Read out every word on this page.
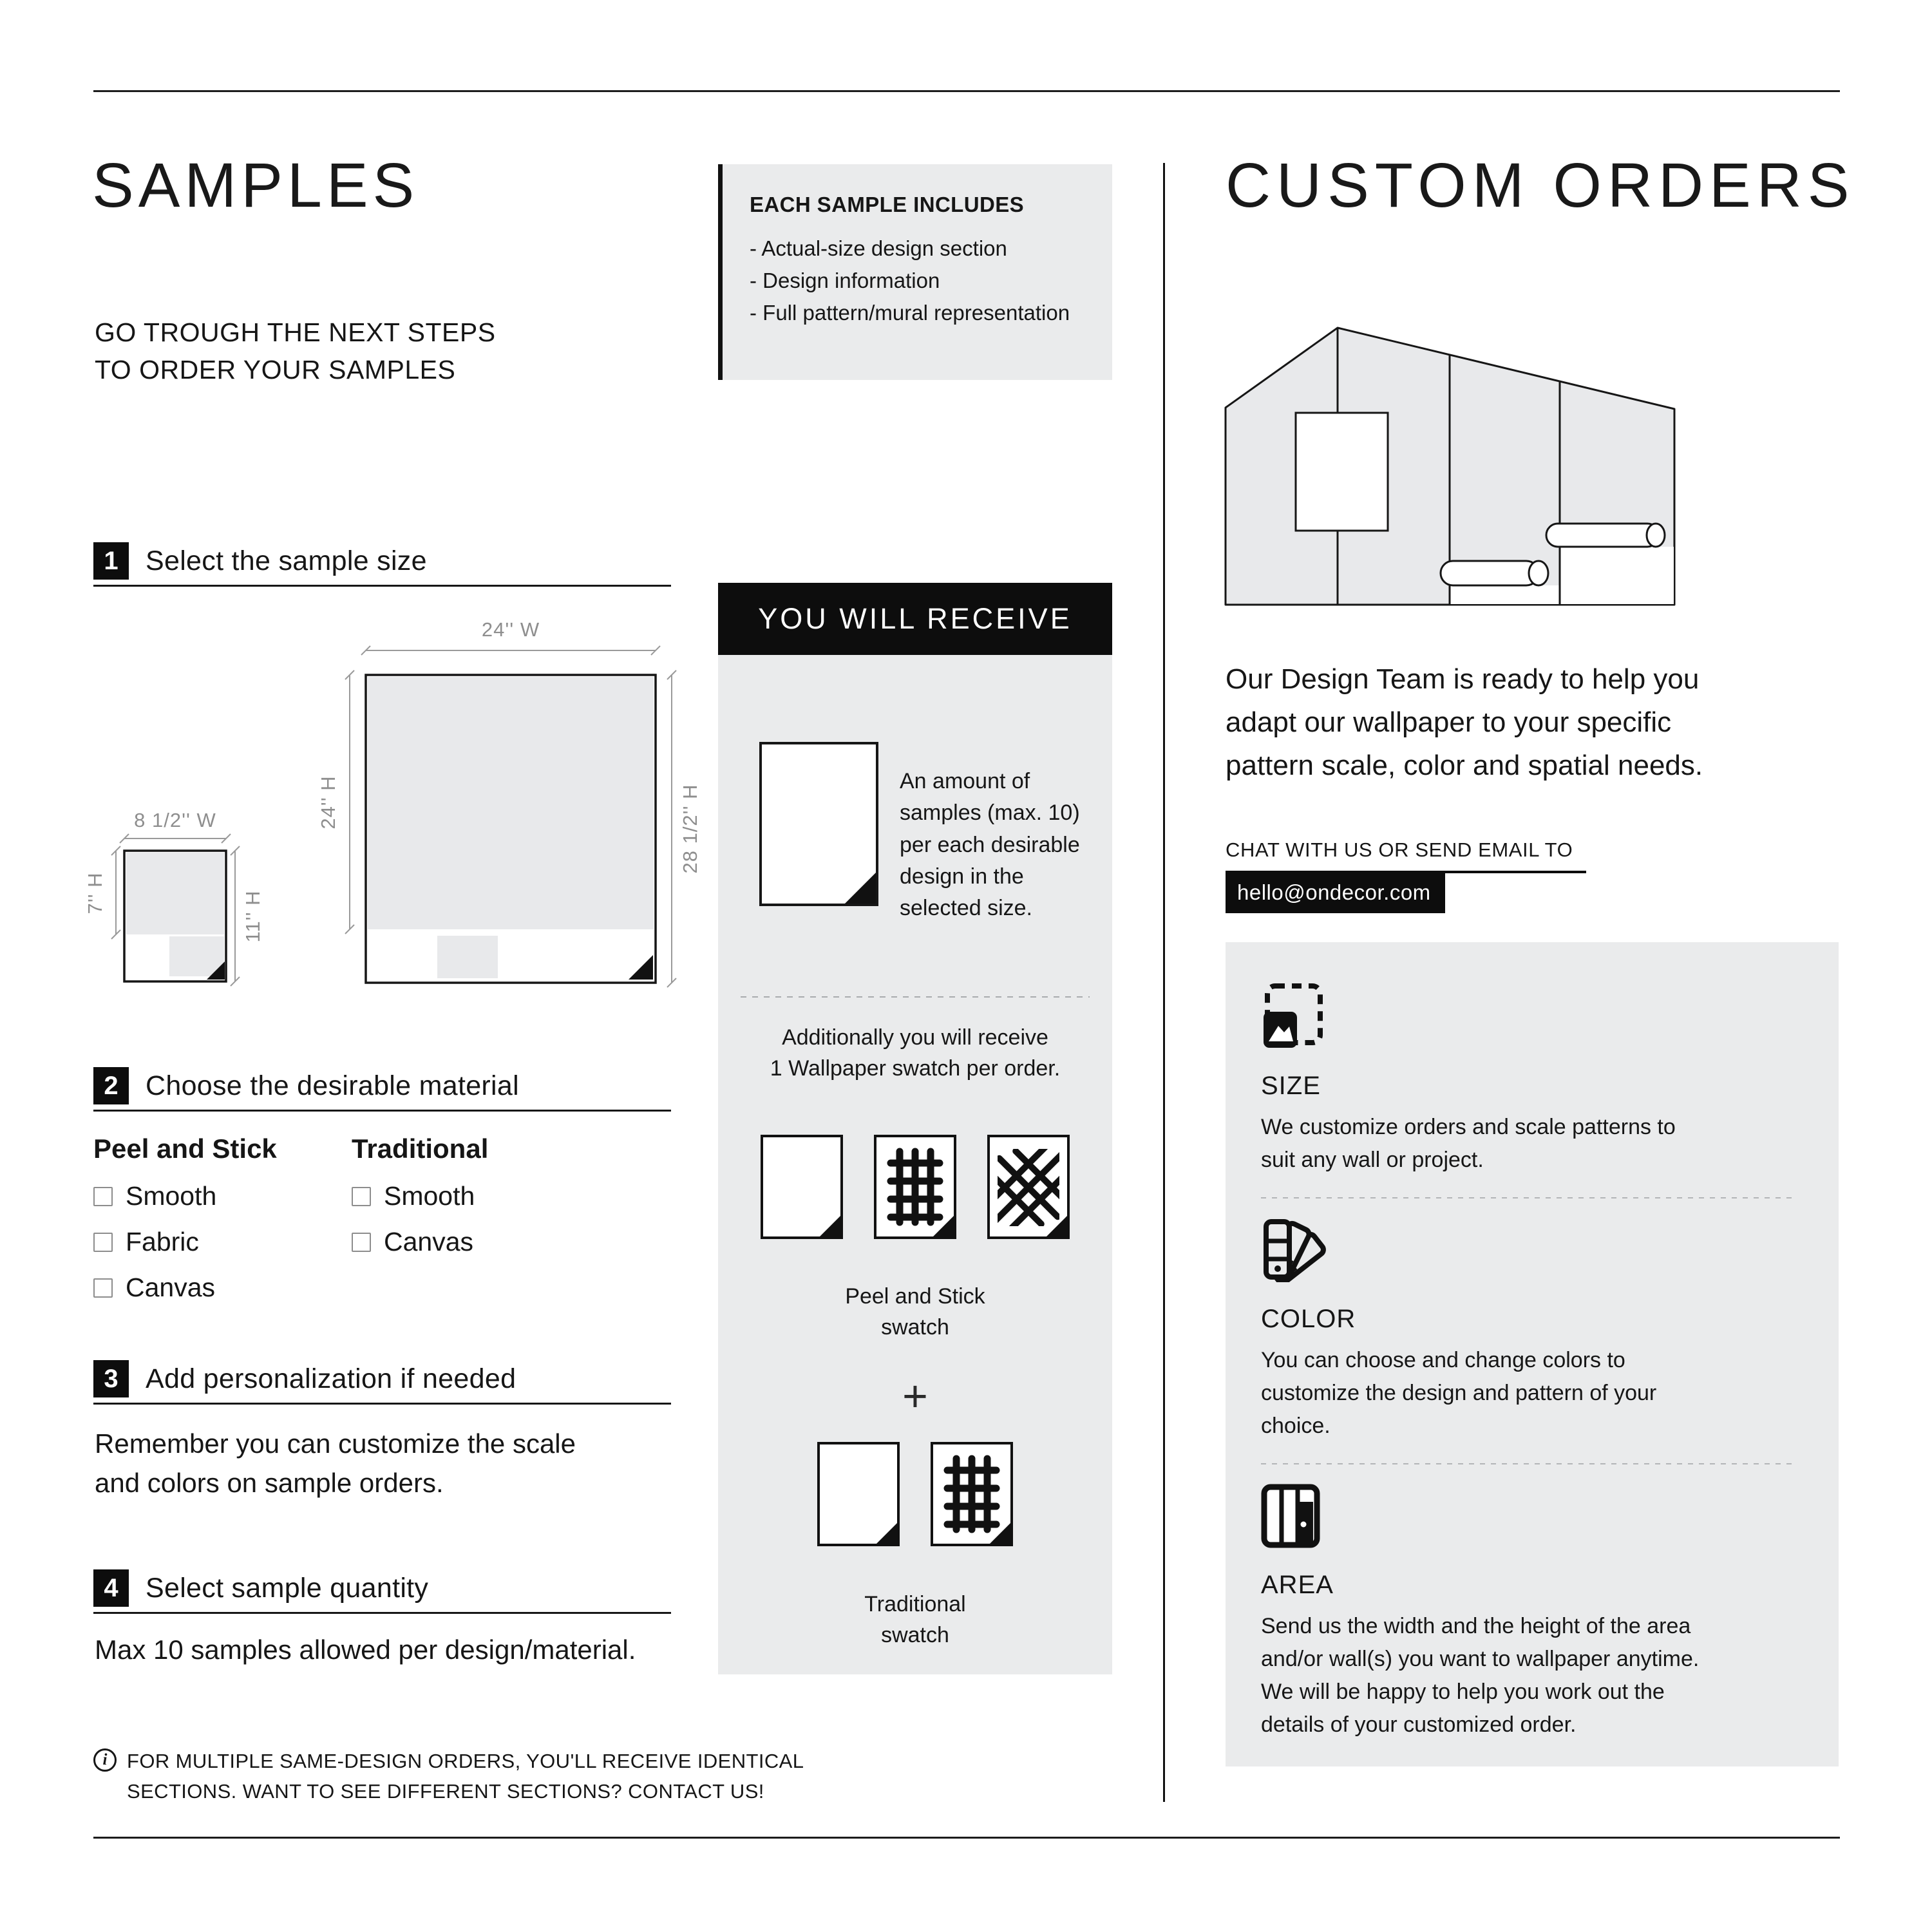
SAMPLES

GO TROUGH THE NEXT STEPS
TO ORDER YOUR SAMPLES

1 Select the sample size
8 1/2'' W
7'' H	11'' H
24'' W
24'' H	28 1/2'' H
2 Choose the desirable material
Peel and Stick
Smooth
Fabric
Canvas
Traditional
Smooth
Canvas
3 Add personalization if needed

Remember you can customize the scale and colors on sample orders.

4 Select sample quantity

Max 10 samples allowed per design/material.

i FOR MULTIPLE SAME-DESIGN ORDERS, YOU'LL RECEIVE IDENTICAL
SECTIONS. WANT TO SEE DIFFERENT SECTIONS? CONTACT US!
EACH SAMPLE INCLUDES
- Actual-size design section
- Design information
- Full pattern/mural representation
YOU WILL RECEIVE

An amount of samples (max. 10) per each desirable design in the selected size.

Additionally you will receive
1 Wallpaper swatch per order.
Peel and Stick
swatch
+
Traditional
swatch
CUSTOM ORDERS

Our Design Team is ready to help you adapt our wallpaper to your specific pattern scale, color and spatial needs.

CHAT WITH US OR SEND EMAIL TO
hello@ondecor.com
SIZE

We customize orders and scale patterns to suit any wall or project.

COLOR

You can choose and change colors to customize the design and pattern of your choice.

AREA

Send us the width and the height of the area and/or wall(s) you want to wallpaper anytime. We will be happy to help you work out the details of your customized order.
